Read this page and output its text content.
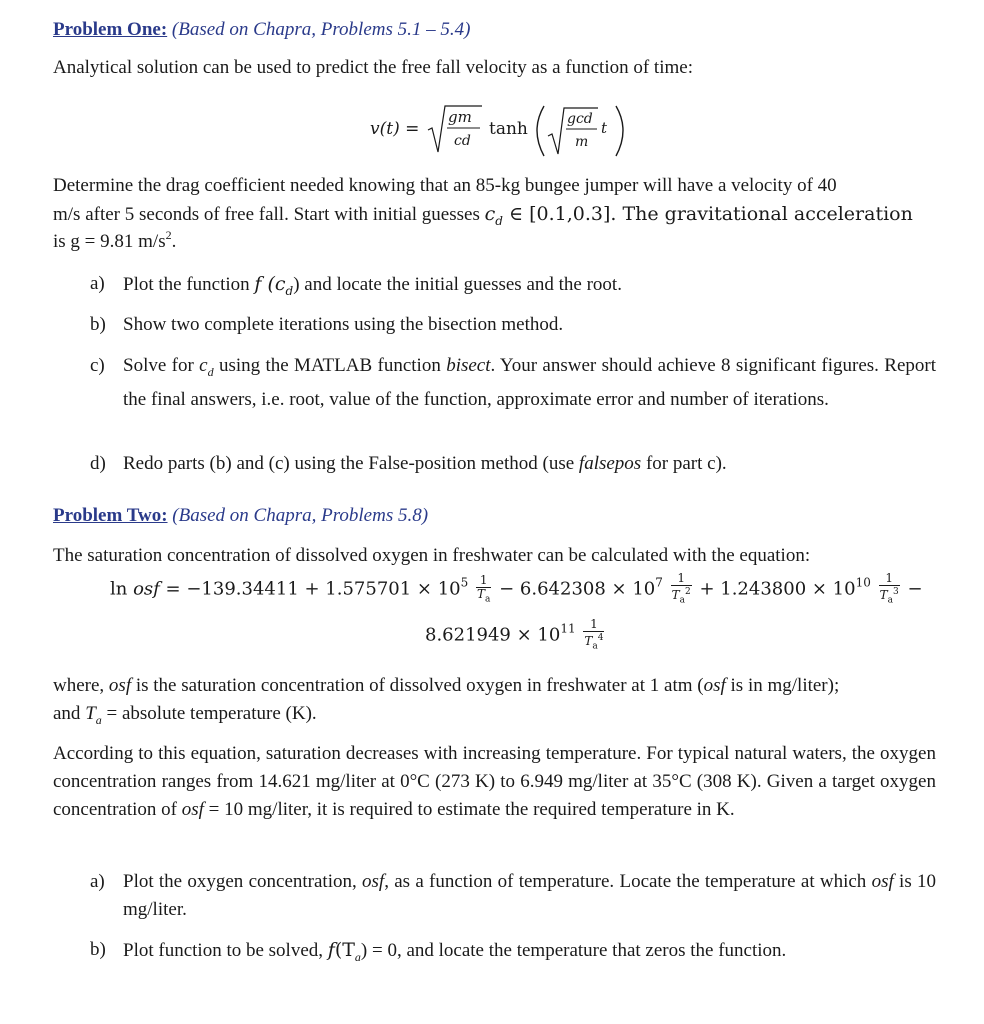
Problem One: (Based on Chapra, Problems 5.1 – 5.4)
Analytical solution can be used to predict the free fall velocity as a function of time:
v(t) =
gm
cd
tanh	gcd
m
t
Determine the drag coefficient needed knowing that an 85-kg bungee jumper will have a velocity of 40
m/s after 5 seconds of free fall. Start with initial guesses $c_d$ ∈ [0.1,0.3]. The gravitational acceleration
is g = 9.81 $m/s^2$.
a) Plot the function f $(c_d)$ and locate the initial guesses and the root.
b) Show two complete iterations using the bisection method.
c) Solve for $c_d$ using the MATLAB function bisect. Your answer should achieve 8 significant figures. Report the final answers, i.e. root, value of the function, approximate error and number of iterations.
d) Redo parts (b) and (c) using the False-position method (use falsepos for part c).
Problem Two: (Based on Chapra, Problems 5.8)
The saturation concentration of dissolved oxygen in freshwater can be calculated with the equation:
ln osf = $-139.34411 + 1.575701 \times 10^5 \frac{1}{T_a} - 6.642308 \times 10^7 \frac{1}{T_a^2} + 1.243800 \times 10^{10} \frac{1}{T_a^3}$ −
$8.621949 \times 10^{11} \frac{1}{T_a^4}$
where, osf is the saturation concentration of dissolved oxygen in freshwater at 1 atm (osf is in mg/liter);
and $T_a$ = absolute temperature (K).
According to this equation, saturation decreases with increasing temperature. For typical natural waters, the oxygen concentration ranges from 14.621 mg/liter at 0°C (273 K) to 6.949 mg/liter at 35°C (308 K). Given a target oxygen concentration of osf = 10 mg/liter, it is required to estimate the required temperature in K.
a) Plot the oxygen concentration, osf, as a function of temperature. Locate the temperature at which osf is 10 mg/liter.
b) Plot function to be solved, $f(T_a) = 0$, and locate the temperature that zeros the function.
